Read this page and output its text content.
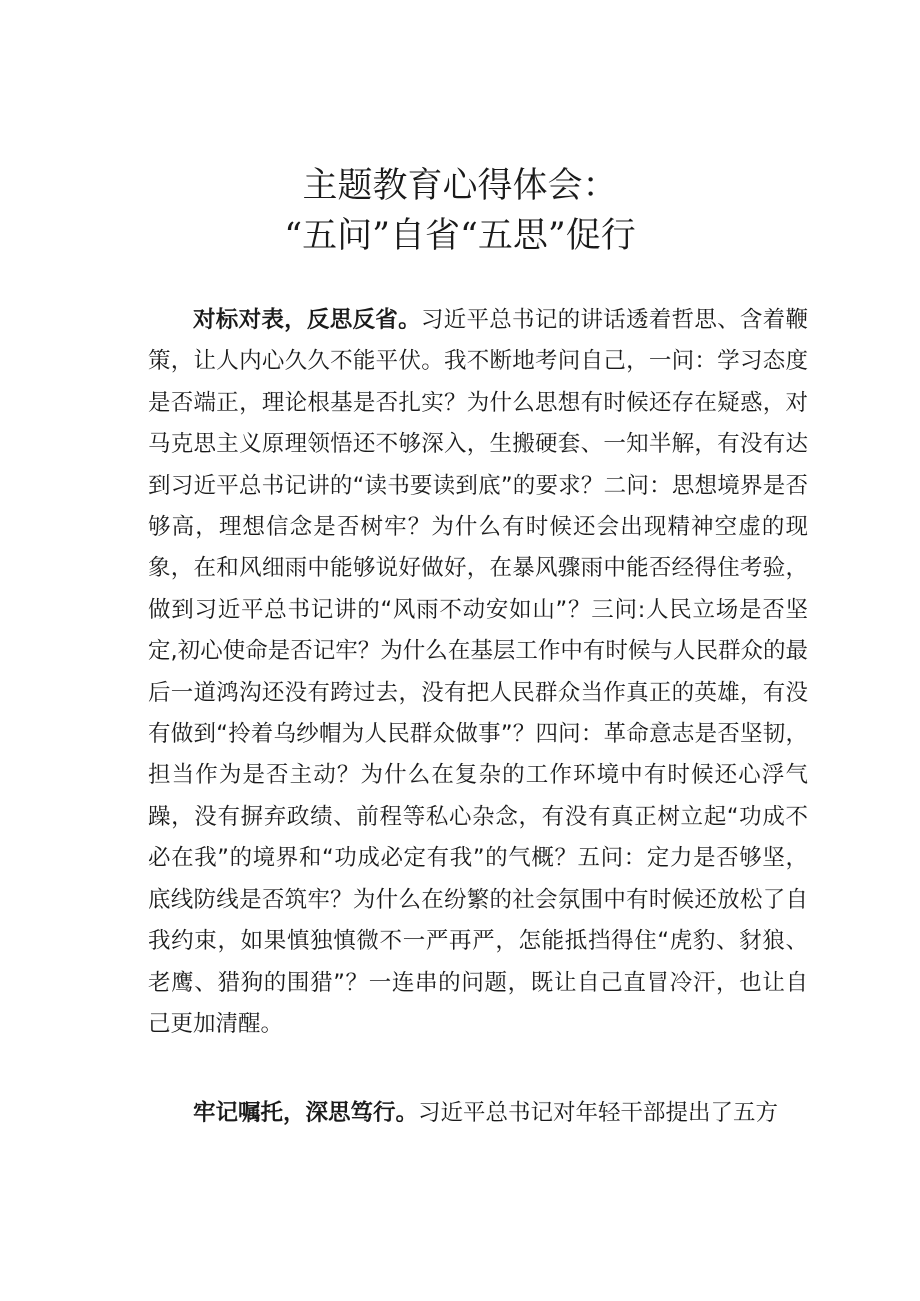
主题教育心得体会：
“五问”自省“五思”促行

对标对表，反思反省。习近平总书记的讲话透着哲思、含着鞭策，让人内心久久不能平伏。我不断地考问自己，一问：学习态度是否端正，理论根基是否扎实？为什么思想有时候还存在疑惑，对马克思主义原理领悟还不够深入，生搬硬套、一知半解，有没有达到习近平总书记讲的“读书要读到底”的要求？二问：思想境界是否够高，理想信念是否树牢？为什么有时候还会出现精神空虚的现象，在和风细雨中能够说好做好，在暴风骤雨中能否经得住考验，做到习近平总书记讲的“风雨不动安如山”？三问:人民立场是否坚定,初心使命是否记牢？为什么在基层工作中有时候与人民群众的最后一道鸿沟还没有跨过去，没有把人民群众当作真正的英雄，有没有做到“拎着乌纱帽为人民群众做事”？四问：革命意志是否坚韧，担当作为是否主动？为什么在复杂的工作环境中有时候还心浮气躁，没有摒弃政绩、前程等私心杂念，有没有真正树立起“功成不必在我”的境界和“功成必定有我”的气概？五问：定力是否够坚，底线防线是否筑牢？为什么在纷繁的社会氛围中有时候还放松了自我约束，如果慎独慎微不一严再严，怎能抵挡得住“虎豹、豺狼、老鹰、猎狗的围猎”？一连串的问题，既让自己直冒冷汗，也让自己更加清醒。

牢记嘱托，深思笃行。习近平总书记对年轻干部提出了五方
